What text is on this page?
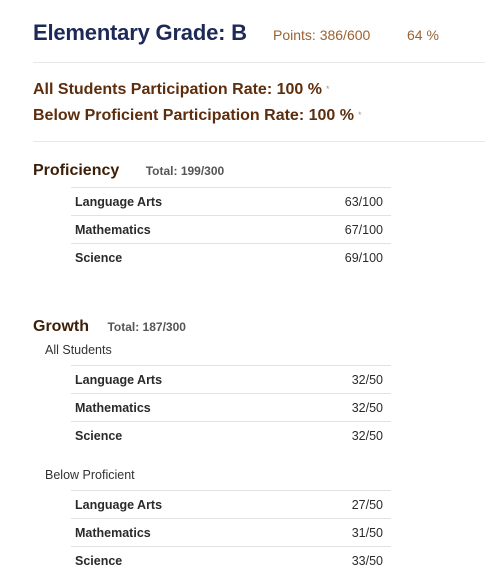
Elementary Grade: B Points: 386/600	64 %
All Students Participation Rate: 100 % *
Below Proficient Participation Rate: 100 % *
Proficiency Total: 199/300
Language Arts	63/100
Mathematics	67/100
Science	69/100
Growth Total: 187/300
All Students
Language Arts	32/50
Mathematics	32/50
Science	32/50
Below Proficient
Language Arts	27/50
Mathematics	31/50
Science	33/50
